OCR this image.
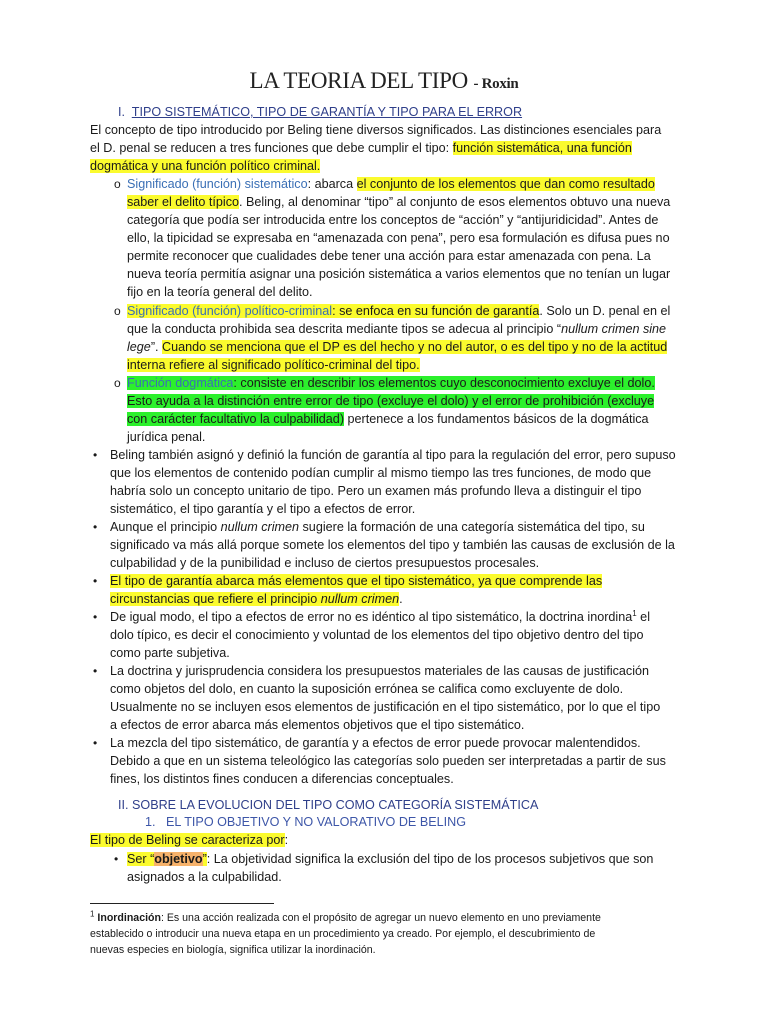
LA TEORIA DEL TIPO - Roxin
I. TIPO SISTEMÁTICO, TIPO DE GARANTÍA Y TIPO PARA EL ERROR
El concepto de tipo introducido por Beling tiene diversos significados. Las distinciones esenciales para
el D. penal se reducen a tres funciones que debe cumplir el tipo: función sistemática, una función
dogmática y una función político criminal.
o Significado (función) sistemático: abarca el conjunto de los elementos que dan como resultado
saber el delito típico. Beling, al denominar “tipo” al conjunto de esos elementos obtuvo una nueva
categoría que podía ser introducida entre los conceptos de “acción” y “antijuridicidad”. Antes de
ello, la tipicidad se expresaba en “amenazada con pena”, pero esa formulación es difusa pues no
permite reconocer que cualidades debe tener una acción para estar amenazada con pena. La
nueva teoría permitía asignar una posición sistemática a varios elementos que no tenían un lugar
fijo en la teoría general del delito.
o Significado (función) político-criminal: se enfoca en su función de garantía. Solo un D. penal en el
que la conducta prohibida sea descrita mediante tipos se adecua al principio “nullum crimen sine
lege”. Cuando se menciona que el DP es del hecho y no del autor, o es del tipo y no de la actitud
interna refiere al significado político-criminal del tipo.
o Función dogmática: consiste en describir los elementos cuyo desconocimiento excluye el dolo.
Esto ayuda a la distinción entre error de tipo (excluye el dolo) y el error de prohibición (excluye
con carácter facultativo la culpabilidad) pertenece a los fundamentos básicos de la dogmática
jurídica penal.
• Beling también asignó y definió la función de garantía al tipo para la regulación del error, pero supuso
que los elementos de contenido podían cumplir al mismo tiempo las tres funciones, de modo que
habría solo un concepto unitario de tipo. Pero un examen más profundo lleva a distinguir el tipo
sistemático, el tipo garantía y el tipo a efectos de error.
• Aunque el principio nullum crimen sugiere la formación de una categoría sistemática del tipo, su
significado va más allá porque somete los elementos del tipo y también las causas de exclusión de la
culpabilidad y de la punibilidad e incluso de ciertos presupuestos procesales.
• El tipo de garantía abarca más elementos que el tipo sistemático, ya que comprende las
circunstancias que refiere el principio nullum crimen.
• De igual modo, el tipo a efectos de error no es idéntico al tipo sistemático, la doctrina inordina$^1$ el
dolo típico, es decir el conocimiento y voluntad de los elementos del tipo objetivo dentro del tipo
como parte subjetiva.
• La doctrina y jurisprudencia considera los presupuestos materiales de las causas de justificación
como objetos del dolo, en cuanto la suposición errónea se califica como excluyente de dolo.
Usualmente no se incluyen esos elementos de justificación en el tipo sistemático, por lo que el tipo
a efectos de error abarca más elementos objetivos que el tipo sistemático.
• La mezcla del tipo sistemático, de garantía y a efectos de error puede provocar malentendidos.
Debido a que en un sistema teleológico las categorías solo pueden ser interpretadas a partir de sus
fines, los distintos fines conducen a diferencias conceptuales.
II. SOBRE LA EVOLUCION DEL TIPO COMO CATEGORÍA SISTEMÁTICA
1. EL TIPO OBJETIVO Y NO VALORATIVO DE BELING
El tipo de Beling se caracteriza por:
• Ser “objetivo”: La objetividad significa la exclusión del tipo de los procesos subjetivos que son
asignados a la culpabilidad.
$^1$ Inordinación: Es una acción realizada con el propósito de agregar un nuevo elemento en uno previamente
establecido o introducir una nueva etapa en un procedimiento ya creado. Por ejemplo, el descubrimiento de
nuevas especies en biología, significa utilizar la inordinación.
